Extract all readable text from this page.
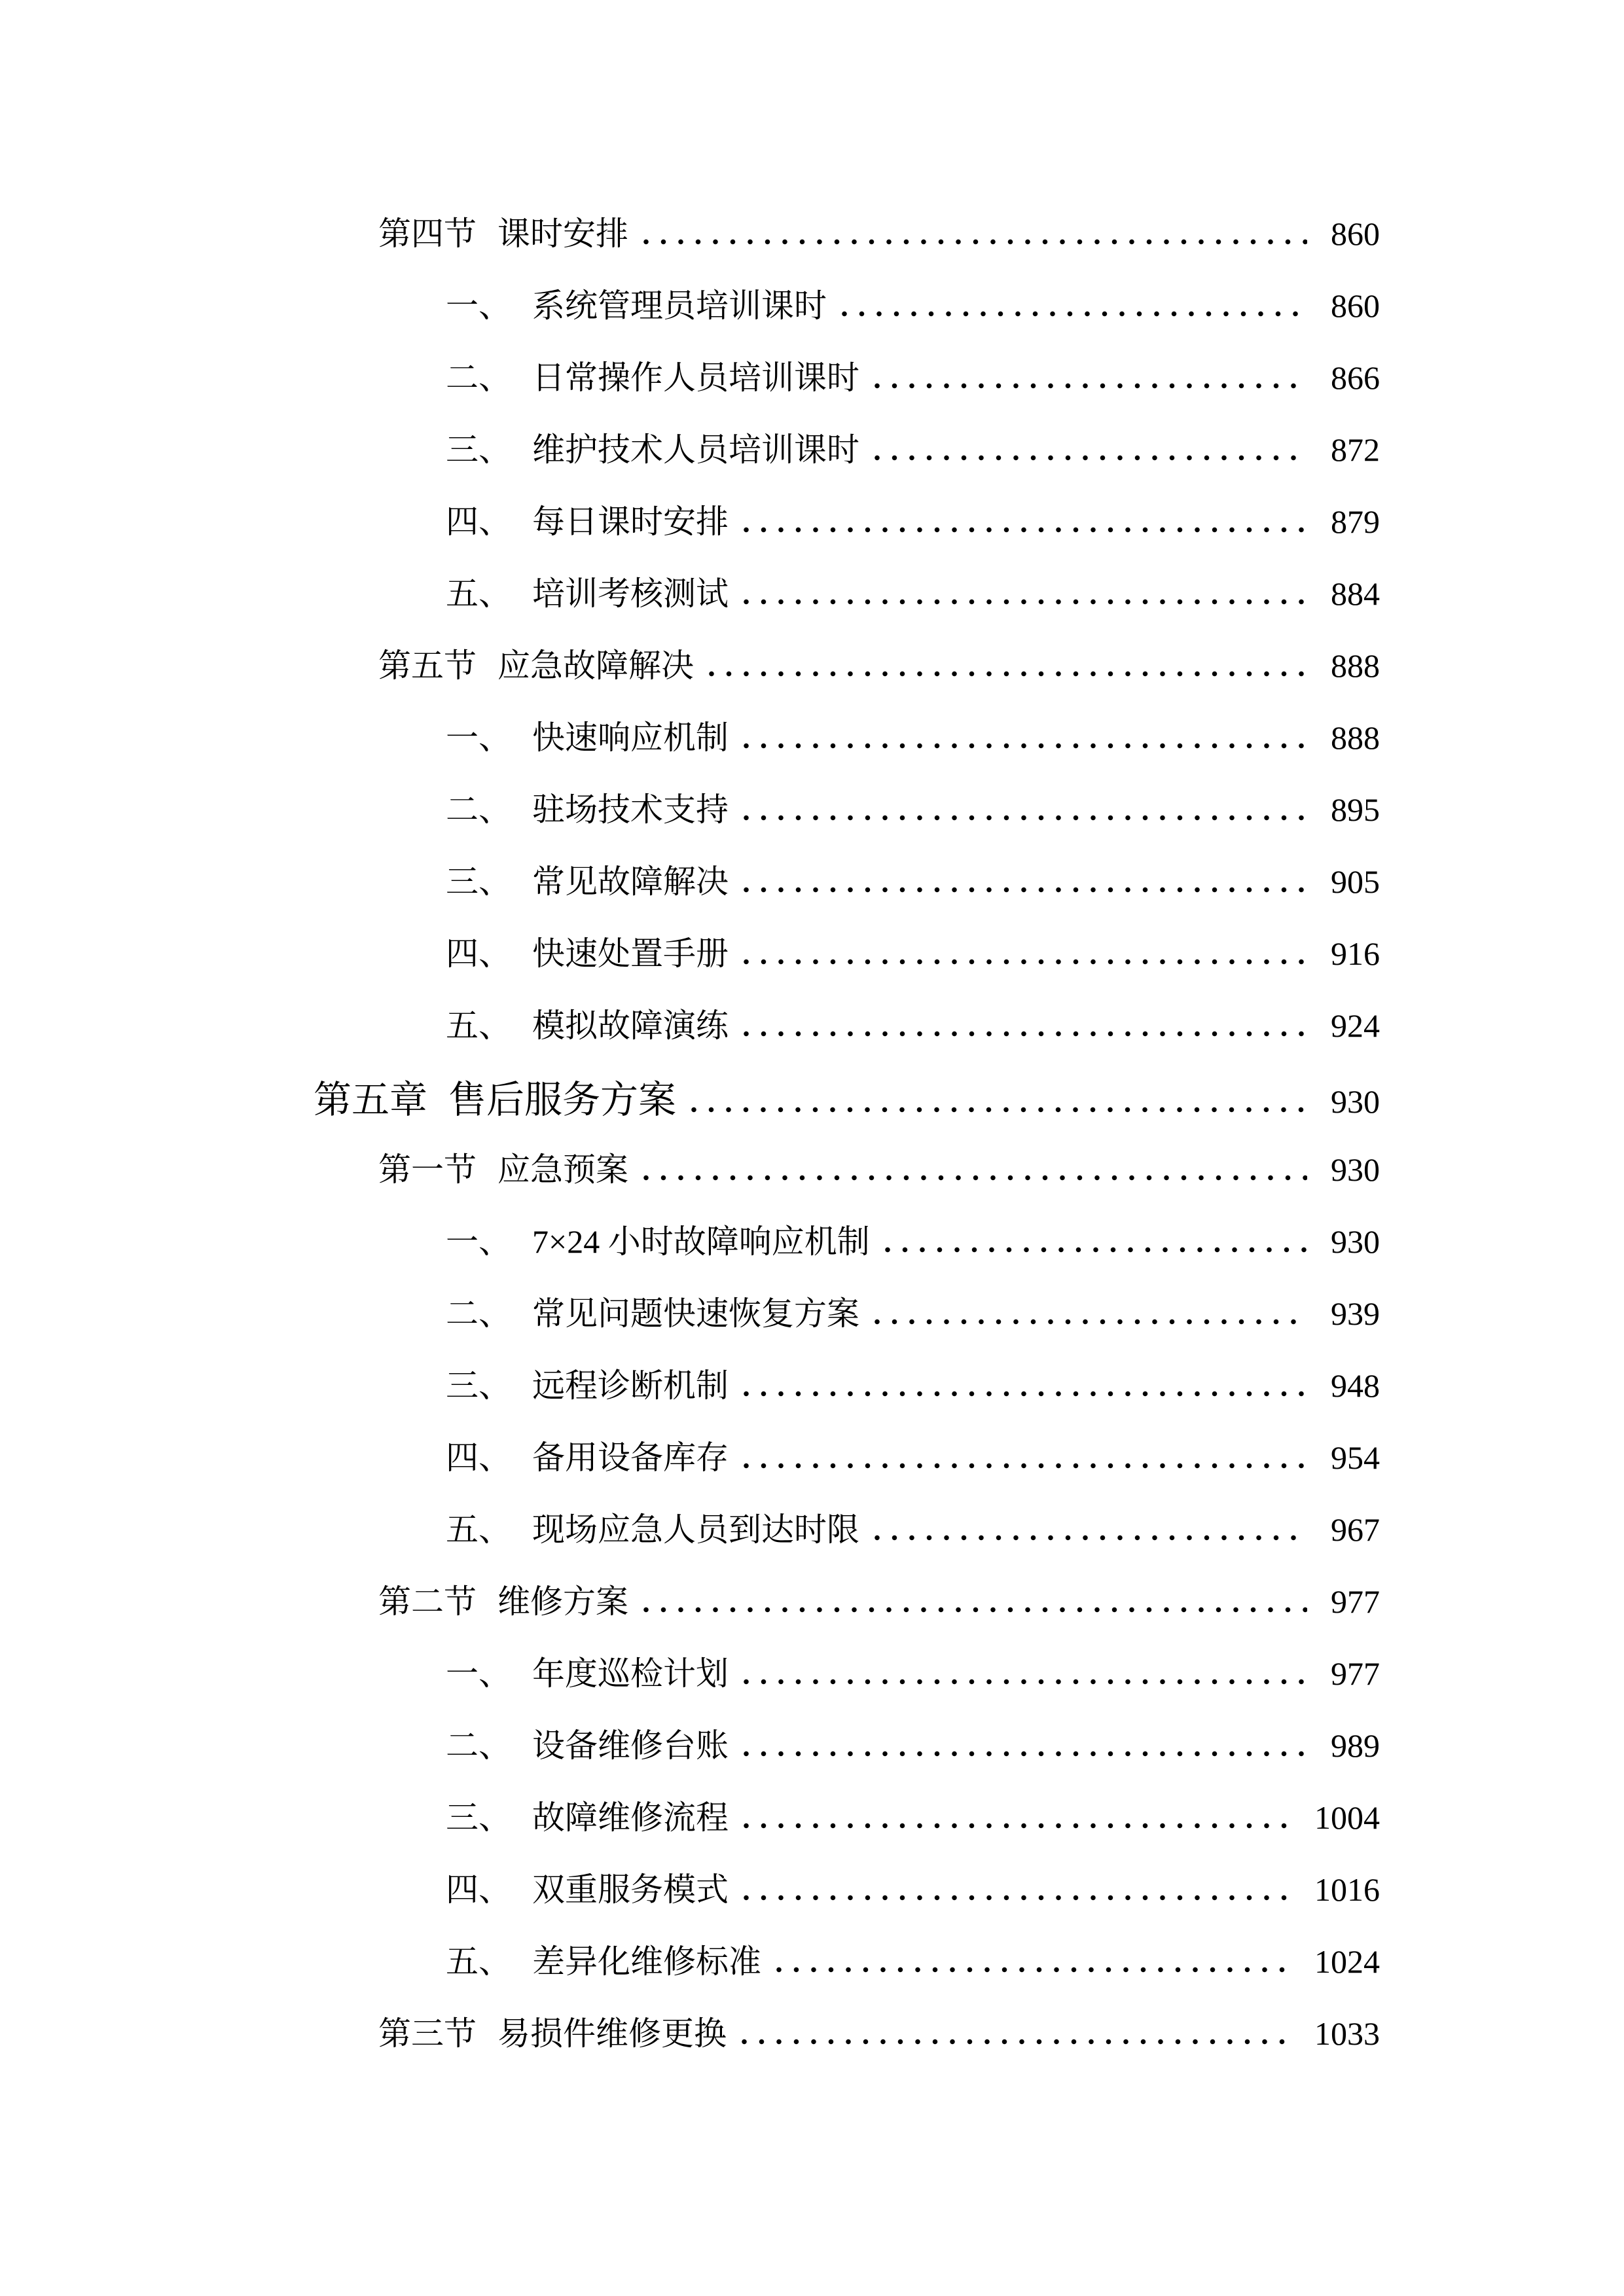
第四节 课时安排	860
一、 系统管理员培训课时	860
二、 日常操作人员培训课时	866
三、 维护技术人员培训课时	872
四、 每日课时安排	879
五、 培训考核测试	884
第五节 应急故障解决	888
一、 快速响应机制	888
二、 驻场技术支持	895
三、 常见故障解决	905
四、 快速处置手册	916
五、 模拟故障演练	924
第五章 售后服务方案	930
第一节 应急预案	930
一、 7×24 小时故障响应机制	930
二、 常见问题快速恢复方案	939
三、 远程诊断机制	948
四、 备用设备库存	954
五、 现场应急人员到达时限	967
第二节 维修方案	977
一、 年度巡检计划	977
二、 设备维修台账	989
三、 故障维修流程	1004
四、 双重服务模式	1016
五、 差异化维修标准	1024
第三节 易损件维修更换	1033
